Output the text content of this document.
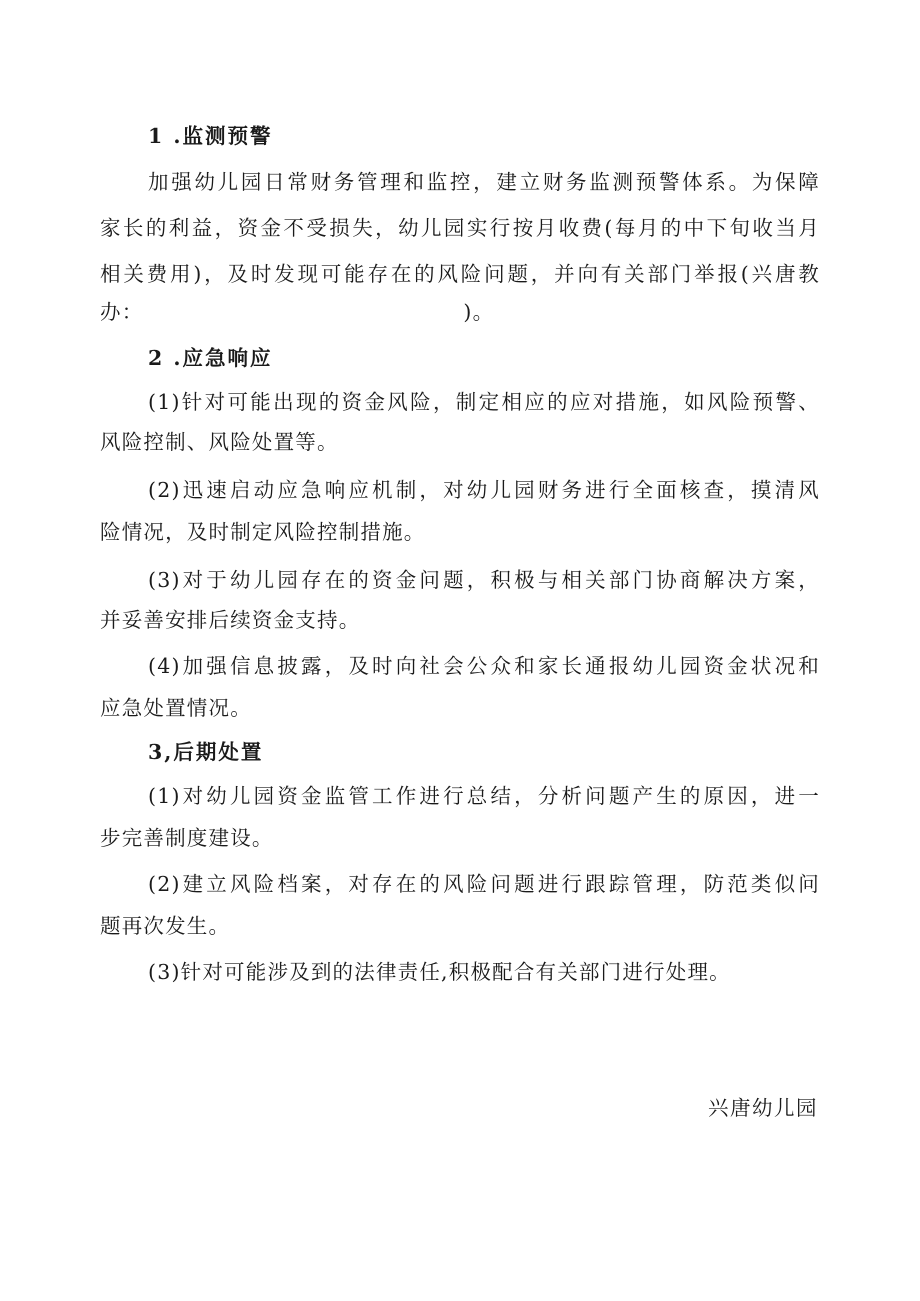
1 .监测预警
加强幼儿园日常财务管理和监控，建立财务监测预警体系。为保障
家长的利益，资金不受损失，幼儿园实行按月收费(每月的中下旬收当月
相关费用)，及时发现可能存在的风险问题，并向有关部门举报(兴唐教
办：	)。
2 .应急响应
(1)针对可能出现的资金风险，制定相应的应对措施，如风险预警、
风险控制、风险处置等。
(2)迅速启动应急响应机制，对幼儿园财务进行全面核查，摸清风
险情况，及时制定风险控制措施。
(3)对于幼儿园存在的资金问题，积极与相关部门协商解决方案，
并妥善安排后续资金支持。
(4)加强信息披露，及时向社会公众和家长通报幼儿园资金状况和
应急处置情况。
3,后期处置
(1)对幼儿园资金监管工作进行总结，分析问题产生的原因，进一
步完善制度建设。
(2)建立风险档案，对存在的风险问题进行跟踪管理，防范类似问
题再次发生。
(3)针对可能涉及到的法律责任,积极配合有关部门进行处理。
兴唐幼儿园
